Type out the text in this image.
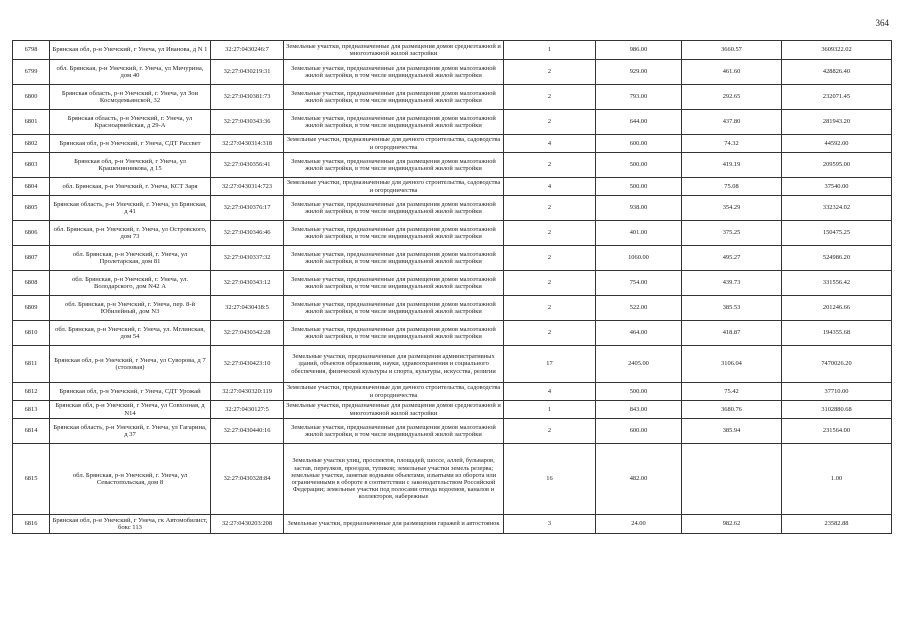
364
6798	Брянская обл, р-н Унечский, г Унеча, ул Иванова, д N 1	32:27:0430246:7	Земельные участки, предназначенные для размещения домов среднеэтажной и многоэтажной жилой застройки	1	986.00	3660.57	3609322.02
6799	обл. Брянская, р-н Унечский, г. Унеча, ул Мичурина, дом 40	32:27:0430219:31	Земельные участки, предназначенные для размещения домов малоэтажной жилой застройки, в том числе индивидуальной жилой застройки	2	929.00	461.60	428826.40
6800	Брянская область, р-н Унечский, г. Унеча, ул Зои Космодемьянской, 32	32:27:0430381:73	Земельные участки, предназначенные для размещения домов малоэтажной жилой застройки, в том числе индивидуальной жилой застройки	2	793.00	292.65	232071.45
6801	Брянская область, р-н Унечский, г. Унеча, ул Красноармейская, д 29-А	32:27:0430343:36	Земельные участки, предназначенные для размещения домов малоэтажной жилой застройки, в том числе индивидуальной жилой застройки	2	644.00	437.80	281943.20
6802	Брянская обл, р-н Унечский, г Унеча, СДТ Рассвет	32:27:0430314:318	Земельные участки, предназначенные для дачного строительства, садоводства и огородничества	4	600.00	74.32	44592.00
6803	Брянская обл, р-н Унечский, г Унеча, ул Крашенинникова, д 15	32:27:0430356:41	Земельные участки, предназначенные для размещения домов малоэтажной жилой застройки, в том числе индивидуальной жилой застройки	2	500.00	419.19	209595.00
6804	обл. Брянская, р-н Унечский, г. Унеча, КСТ Заря	32:27:0430314:723	Земельные участки, предназначенные для дачного строительства, садоводства и огородничества	4	500.00	75.08	37540.00
6805	Брянская область, р-н Унечский, г. Унеча, ул Брянская, д 41	32:27:0430376:17	Земельные участки, предназначенные для размещения домов малоэтажной жилой застройки, в том числе индивидуальной жилой застройки	2	938.00	354.29	332324.02
6806	обл. Брянская, р-н Унечский, г. Унеча, ул Островского, дом 73	32:27:0430346:46	Земельные участки, предназначенные для размещения домов малоэтажной жилой застройки, в том числе индивидуальной жилой застройки	2	401.00	375.25	150475.25
6807	обл. Брянская, р-н Унечский, г. Унеча, ул Пролетарская, дом 81	32:27:0430337:32	Земельные участки, предназначенные для размещения домов малоэтажной жилой застройки, в том числе индивидуальной жилой застройки	2	1060.00	495.27	524986.20
6808	обл. Брянская, р-н Унечский, г. Унеча, ул. Володарского, дом N42 А	32:27:0430343:12	Земельные участки, предназначенные для размещения домов малоэтажной жилой застройки, в том числе индивидуальной жилой застройки	2	754.00	439.73	331556.42
6809	обл. Брянская, р-н Унечский, г. Унеча, пер. 8-й Юбилейный, дом N3	32:27:0430418:5	Земельные участки, предназначенные для размещения домов малоэтажной жилой застройки, в том числе индивидуальной жилой застройки	2	522.00	385.53	201246.66
6810	обл. Брянская, р-н Унечский, г. Унеча, ул. Мглинская, дом 54	32:27:0430342:28	Земельные участки, предназначенные для размещения домов малоэтажной жилой застройки, в том числе индивидуальной жилой застройки	2	464.00	418.87	194355.68
6811	Брянская обл, р-н Унечский, г Унеча, ул Суворова, д 7 (столовая)	32:27:0430423:10	Земельные участки, предназначенные для размещения административных зданий, объектов образования, науки, здравоохранения и социального обеспечения, физической культуры и спорта, культуры, искусства, религии	17	2405.00	3106.04	7470026.20
6812	Брянская обл, р-н Унечский, г Унеча, СДТ Урожай	32:27:0430320:119	Земельные участки, предназначенные для дачного строительства, садоводства и огородничества	4	500.00	75.42	37710.00
6813	Брянская обл, р-н Унечский, г Унеча, ул Совхозная, д N14	32:27:0430127:5	Земельные участки, предназначенные для размещения домов среднеэтажной и многоэтажной жилой застройки	1	843.00	3680.76	3102880.68
6814	Брянская область, р-н Унечский, г. Унеча, ул Гагарина, д 37	32:27:0430440:16	Земельные участки, предназначенные для размещения домов малоэтажной жилой застройки, в том числе индивидуальной жилой застройки	2	600.00	385.94	231564.00
6815	обл. Брянская, р-н Унечский, г. Унеча, ул Севастопольская, дом 8	32:27:0430328:84	Земельные участки улиц, проспектов, площадей, шоссе, аллей, бульваров, застав, переулков, проездов, тупиков; земельные участки земель резерва; земельные участки, занятые водными объектами, изъятыми из оборота или ограниченными в обороте в соответствии с законодательством Российской Федерации; земельные участки под полосами отвода водоемов, каналов и коллекторов, набережные	16	482.00		1.00
6816	Брянская обл, р-н Унечский, г Унеча, гк Автомобилист, бокс 113	32:27:0430203:208	Земельные участки, предназначенные для размещения гаражей и автостоянок	3	24.00	982.62	23582.88
